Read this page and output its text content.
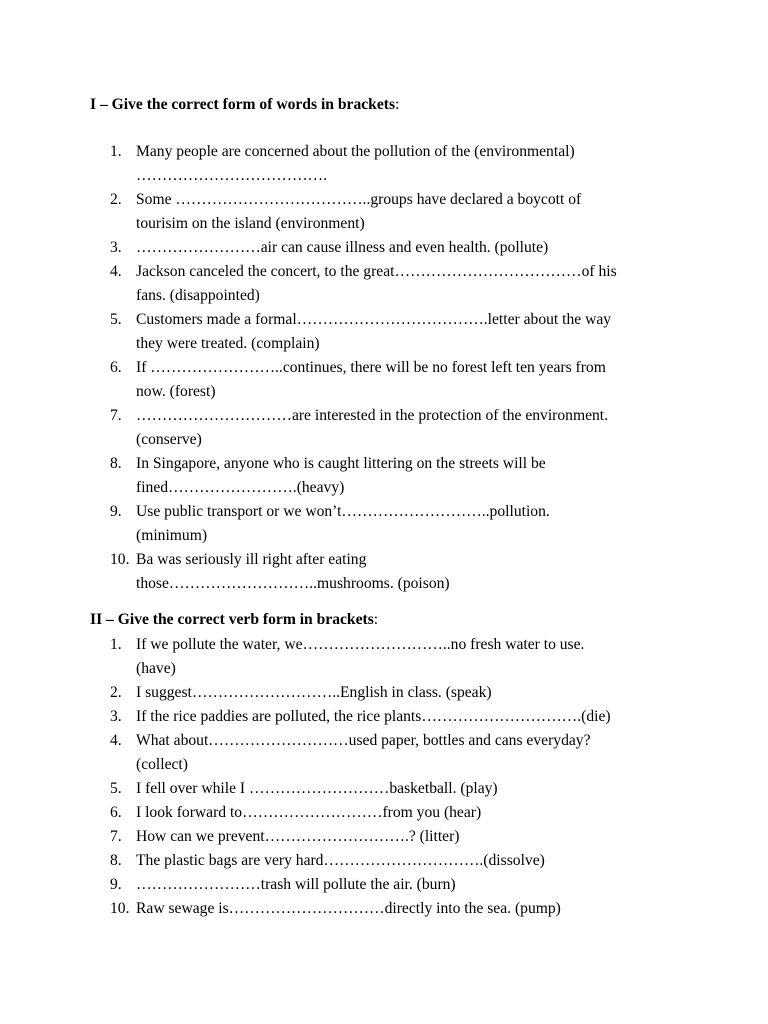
I – Give the correct form of words in brackets:
1. Many people are concerned about the pollution of the (environmental)
……………………………….
2. Some ………………………………..groups have declared a boycott of
tourisim on the island (environment)
3. ……………………air can cause illness and even health. (pollute)
4. Jackson canceled the concert, to the great………………………………of his
fans. (disappointed)
5. Customers made a formal……………………………….letter about the way
they were treated. (complain)
6. If ……………………..continues, there will be no forest left ten years from
now. (forest)
7. …………………………are interested in the protection of the environment.
(conserve)
8. In Singapore, anyone who is caught littering on the streets will be
fined…………………….(heavy)
9. Use public transport or we won’t………………………..pollution.
(minimum)
10. Ba was seriously ill right after eating
those………………………..mushrooms. (poison)
II – Give the correct verb form in brackets:
1. If we pollute the water, we………………………..no fresh water to use.
(have)
2. I suggest………………………..English in class. (speak)
3. If the rice paddies are polluted, the rice plants………………………….(die)
4. What about………………………used paper, bottles and cans everyday?
(collect)
5. I fell over while I ………………………basketball. (play)
6. I look forward to………………………from you (hear)
7. How can we prevent……………………….? (litter)
8. The plastic bags are very hard………………………….(dissolve)
9. ……………………trash will pollute the air. (burn)
10. Raw sewage is…………………………directly into the sea. (pump)
